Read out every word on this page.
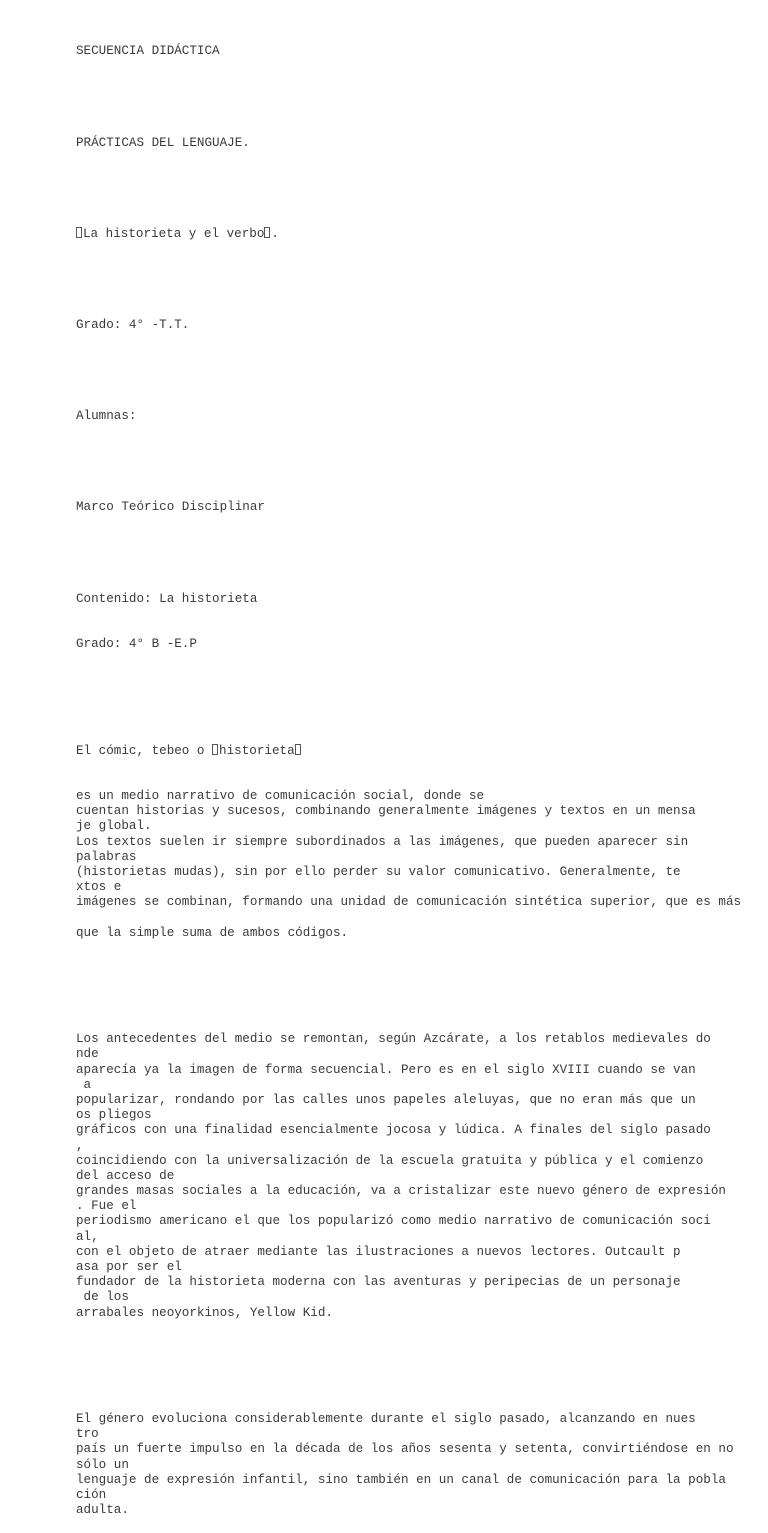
SECUENCIA DIDÁCTICA

PRÁCTICAS DEL LENGUAJE.

La historieta y el verbo .

Grado: 4° -T.T.

Alumnas:

Marco Teórico Disciplinar

Contenido: La historieta

Grado: 4° B -E.P

El cómic, tebeo o historieta

es un medio narrativo de comunicación social, donde se
cuentan historias y sucesos, combinando generalmente imágenes y textos en un mensa
je global.
Los textos suelen ir siempre subordinados a las imágenes, que pueden aparecer sin
palabras
(historietas mudas), sin por ello perder su valor comunicativo. Generalmente, te
xtos e
imágenes se combinan, formando una unidad de comunicación sintética superior, que es más
que la simple suma de ambos códigos.

Los antecedentes del medio se remontan, según Azcárate, a los retablos medievales do
nde
aparecía ya la imagen de forma secuencial. Pero es en el siglo XVIII cuando se van
a
popularizar, rondando por las calles unos papeles aleluyas, que no eran más que un
os pliegos
gráficos con una finalidad esencialmente jocosa y lúdica. A finales del siglo pasado
,
coincidiendo con la universalización de la escuela gratuita y pública y el comienzo
del acceso de
grandes masas sociales a la educación, va a cristalizar este nuevo género de expresión
. Fue el
periodismo americano el que los popularizó como medio narrativo de comunicación soci
al,
con el objeto de atraer mediante las ilustraciones a nuevos lectores. Outcault p
asa por ser el
fundador de la historieta moderna con las aventuras y peripecias de un personaje
de los
arrabales neoyorkinos, Yellow Kid.

El género evoluciona considerablemente durante el siglo pasado, alcanzando en nues
tro
país un fuerte impulso en la década de los años sesenta y setenta, convirtiéndose en no
sólo un
lenguaje de expresión infantil, sino también en un canal de comunicación para la pobla
ción
adulta.
